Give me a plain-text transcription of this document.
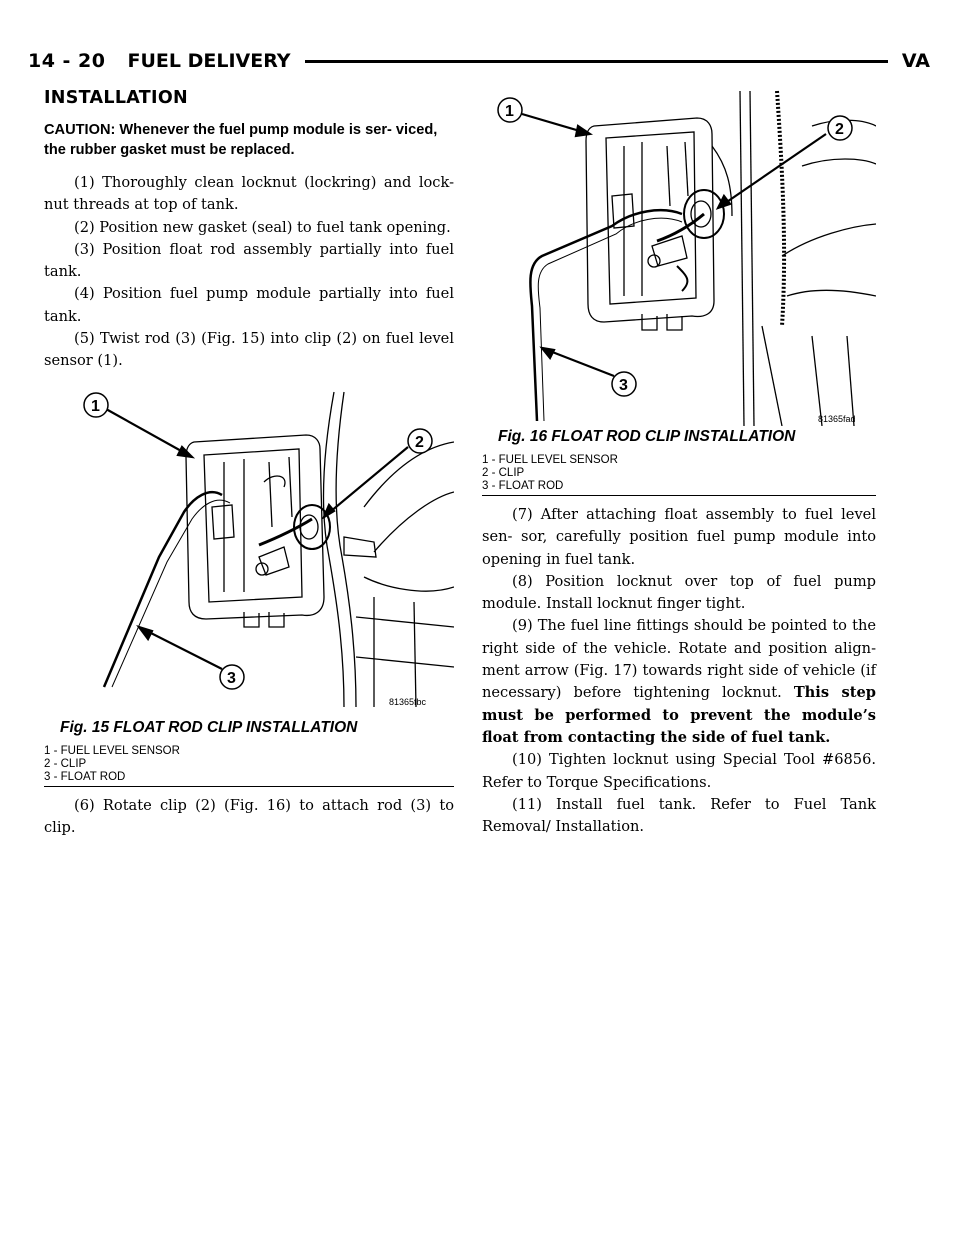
14 - 20 FUEL DELIVERY	VA
INSTALLATION
CAUTION: Whenever the fuel pump module is ser- viced, the rubber gasket must be replaced.

(1) Thoroughly clean locknut (lockring) and lock- nut threads at top of tank.

(2) Position new gasket (seal) to fuel tank opening.

(3) Position float rod assembly partially into fuel tank.

(4) Position fuel pump module partially into fuel tank.

(5) Twist rod (3) (Fig. 15) into clip (2) on fuel level sensor (1).

1
2
3
81365fbc
Fig. 15 FLOAT ROD CLIP INSTALLATION
1 - FUEL LEVEL SENSOR
2 - CLIP
3 - FLOAT ROD

(6) Rotate clip (2) (Fig. 16) to attach rod (3) to clip.

1
2
3
81365fad
Fig. 16 FLOAT ROD CLIP INSTALLATION
1 - FUEL LEVEL SENSOR
2 - CLIP
3 - FLOAT ROD

(7) After attaching float assembly to fuel level sen- sor, carefully position fuel pump module into opening in fuel tank.

(8) Position locknut over top of fuel pump module. Install locknut finger tight.

(9) The fuel line fittings should be pointed to the right side of the vehicle. Rotate and position align- ment arrow (Fig. 17) towards right side of vehicle (if necessary) before tightening locknut. This step must be performed to prevent the module’s float from contacting the side of fuel tank.

(10) Tighten locknut using Special Tool #6856. Refer to Torque Specifications.

(11) Install fuel tank. Refer to Fuel Tank Removal/ Installation.
